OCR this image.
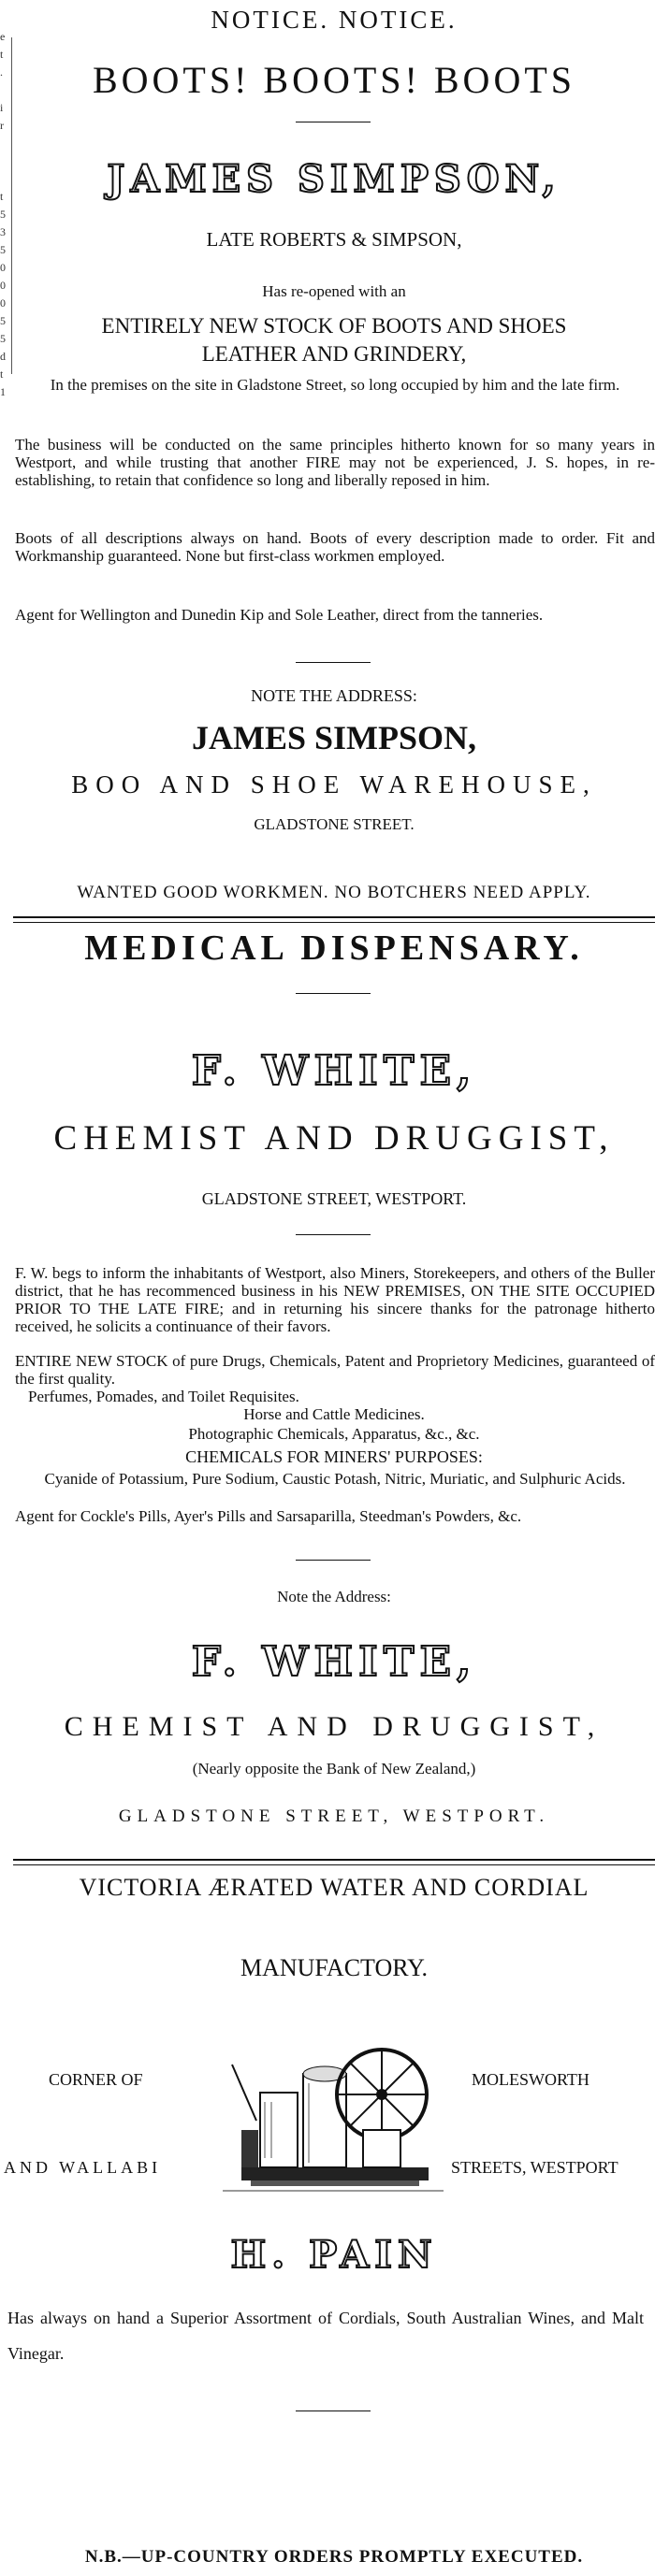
e
t
.

i
r

t
5
3
5
0
0
0
5
5
d
t
1
NOTICE. NOTICE.
BOOTS! BOOTS! BOOTS
JAMES SIMPSON,
LATE ROBERTS & SIMPSON,
Has re-opened with an
ENTIRELY NEW STOCK OF BOOTS AND SHOES
LEATHER AND GRINDERY,
In the premises on the site in Gladstone Street, so long occupied by him and the late firm.
The business will be conducted on the same principles hitherto known for so many years in Westport, and while trusting that another FIRE may not be experienced, J. S. hopes, in re-establishing, to retain that confidence so long and liberally reposed in him.
Boots of all descriptions always on hand. Boots of every description made to order. Fit and Workmanship guaranteed. None but first-class workmen employed.
Agent for Wellington and Dunedin Kip and Sole Leather, direct from the tanneries.
NOTE THE ADDRESS:
JAMES SIMPSON,
BOO AND SHOE WAREHOUSE,
GLADSTONE STREET.
WANTED GOOD WORKMEN. NO BOTCHERS NEED APPLY.
MEDICAL DISPENSARY.
F. WHITE,
CHEMIST AND DRUGGIST,
GLADSTONE STREET, WESTPORT.
F. W. begs to inform the inhabitants of Westport, also Miners, Storekeepers, and others of the Buller district, that he has recommenced business in his NEW PREMISES, ON THE SITE OCCUPIED PRIOR TO THE LATE FIRE; and in returning his sincere thanks for the patronage hitherto received, he solicits a continuance of their favors.
ENTIRE NEW STOCK of pure Drugs, Chemicals, Patent and Proprietory Medicines, guaranteed of the first quality.
Perfumes, Pomades, and Toilet Requisites.
Horse and Cattle Medicines.
Photographic Chemicals, Apparatus, &c., &c.
CHEMICALS FOR MINERS' PURPOSES:
Cyanide of Potassium, Pure Sodium, Caustic Potash, Nitric, Muriatic, and Sulphuric Acids.
Agent for Cockle's Pills, Ayer's Pills and Sarsaparilla, Steedman's Powders, &c.
Note the Address:
F. WHITE,
CHEMIST AND DRUGGIST,
(Nearly opposite the Bank of New Zealand,)
GLADSTONE STREET, WESTPORT.
VICTORIA ÆRATED WATER AND CORDIAL
MANUFACTORY.
CORNER OF	MOLESWORTH
AND WALLABI	STREETS, WESTPORT
H. PAIN
Has always on hand a Superior Assortment of Cordials, South Australian Wines, and Malt Vinegar.
N.B.—UP-COUNTRY ORDERS PROMPTLY EXECUTED.
